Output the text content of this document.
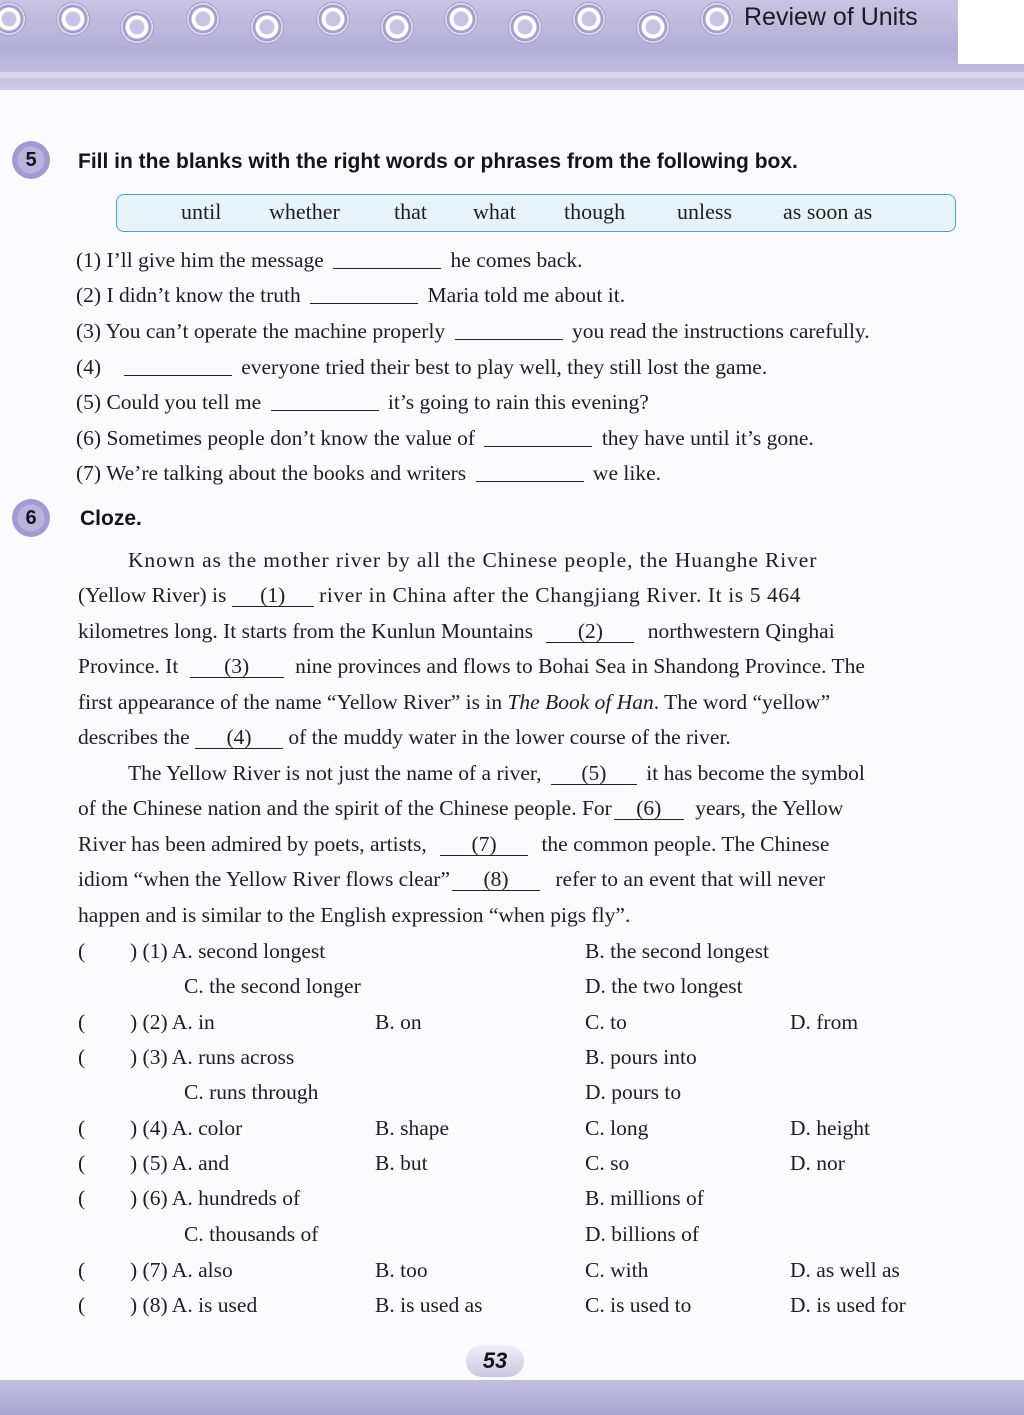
Review of Units
5	Fill in the blanks with the right words or phrases from the following box.
until whether that what though unless as soon as
(1) I’ll give him the message	he comes back.
(2) I didn’t know the truth	Maria told me about it.
(3) You can’t operate the machine properly	you read the instructions carefully.
(4)	everyone tried their best to play well, they still lost the game.
(5) Could you tell me	it’s going to rain this evening?
(6) Sometimes people don’t know the value of	they have until it’s gone.
(7) We’re talking about the books and writers	we like.
6	Cloze.
Known as the mother river by all the Chinese people, the Huanghe River
(Yellow River) is (1) river in China after the Changjiang River. It is 5 464
kilometres long. It starts from the Kunlun Mountains (2) northwestern Qinghai
Province. It (3) nine provinces and flows to Bohai Sea in Shandong Province. The
first appearance of the name “Yellow River” is in The Book of Han. The word “yellow”
describes the (4) of the muddy water in the lower course of the river.
The Yellow River is not just the name of a river, (5) it has become the symbol
of the Chinese nation and the spirit of the Chinese people. For (6) years, the Yellow
River has been admired by poets, artists, (7) the common people. The Chinese
idiom “when the Yellow River flows clear” (8) refer to an event that will never
happen and is similar to the English expression “when pigs fly”.
( ) (1) A. second longest	B. the second longest
C. the second longer	D. the two longest
( ) (2) A. in	B. on	C. to	D. from
( ) (3) A. runs across	B. pours into
C. runs through	D. pours to
( ) (4) A. color	B. shape	C. long	D. height
( ) (5) A. and	B. but	C. so	D. nor
( ) (6) A. hundreds of	B. millions of
C. thousands of	D. billions of
( ) (7) A. also	B. too	C. with	D. as well as
( ) (8) A. is used	B. is used as	C. is used to	D. is used for
53
